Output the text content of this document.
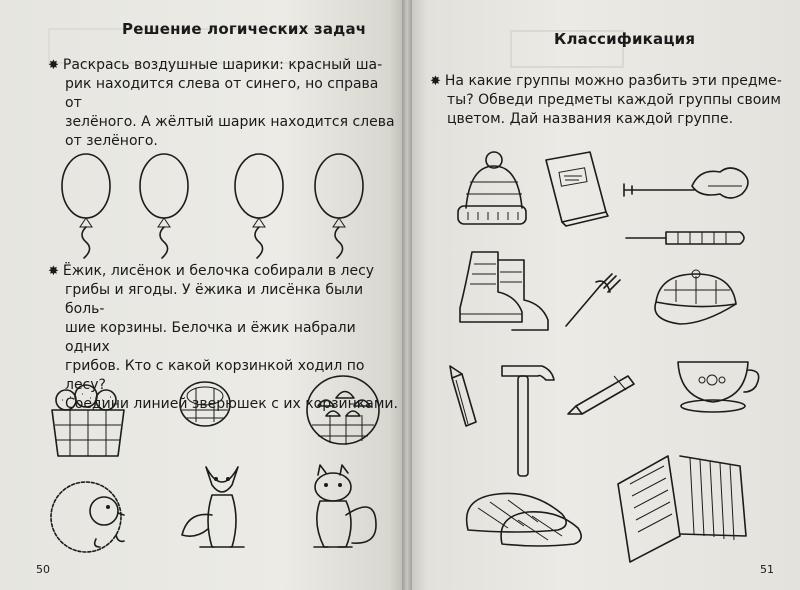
Решение логических задач
✸ Раскрась воздушные шарики: красный ша-
рик находится слева от синего, но справа от
зелёного. А жёлтый шарик находится слева
от зелёного.
✸ Ёжик, лисёнок и белочка собирали в лесу
грибы и ягоды. У ёжика и лисёнка были боль-
шие корзины. Белочка и ёжик набрали одних
грибов. Кто с какой корзинкой ходил по лесу?
Соедини линией зверюшек с их корзинками.
50
Классификация
✸ На какие группы можно разбить эти предме-
ты? Обведи предметы каждой группы своим
цветом. Дай названия каждой группе.
51
